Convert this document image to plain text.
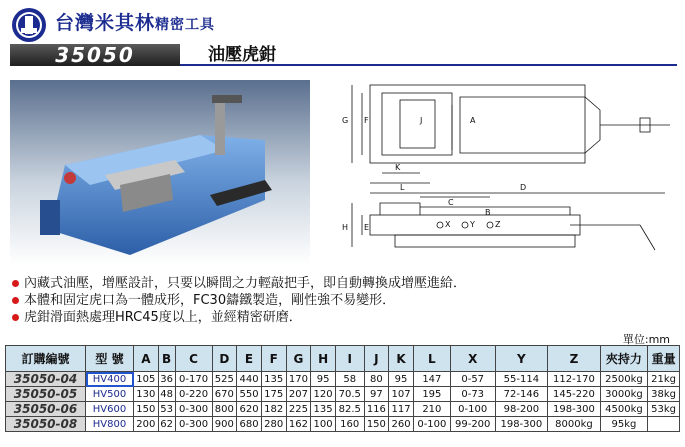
台灣米其林精密工具
35050	油壓虎鉗
G F	J	A
K
L	D
C
B
X Y	Z
H E
內藏式油壓，增壓設計，只要以瞬間之力輕敲把手，即自動轉換成增壓進給．
本體和固定虎口為一體成形，FC30鑄鐵製造，剛性強不易變形．
虎鉗滑面熱處理HRC45度以上，並經精密研磨．
單位:mm
訂購編號	型 號	A	B	C	D	E	F	G	H	I	J	K	L	X	Y	Z	夾持力	重量
35050-04	HV400	105	36	0-170	525	440	135	170	95	58	80	95	147	0-57	55-114	112-170	2500kg	21kg
35050-05	HV500	130	48	0-220	670	550	175	207	120	70.5	97	107	195	0-73	72-146	145-220	3000kg	38kg
35050-06	HV600	150	53	0-300	800	620	182	225	135	82.5	116	117	210	0-100	98-200	198-300	4500kg	53kg
35050-08	HV800	200	62	0-300	900	680	280	162	100	160	150	260	0-100	99-200	198-300	8000kg	95kg	
